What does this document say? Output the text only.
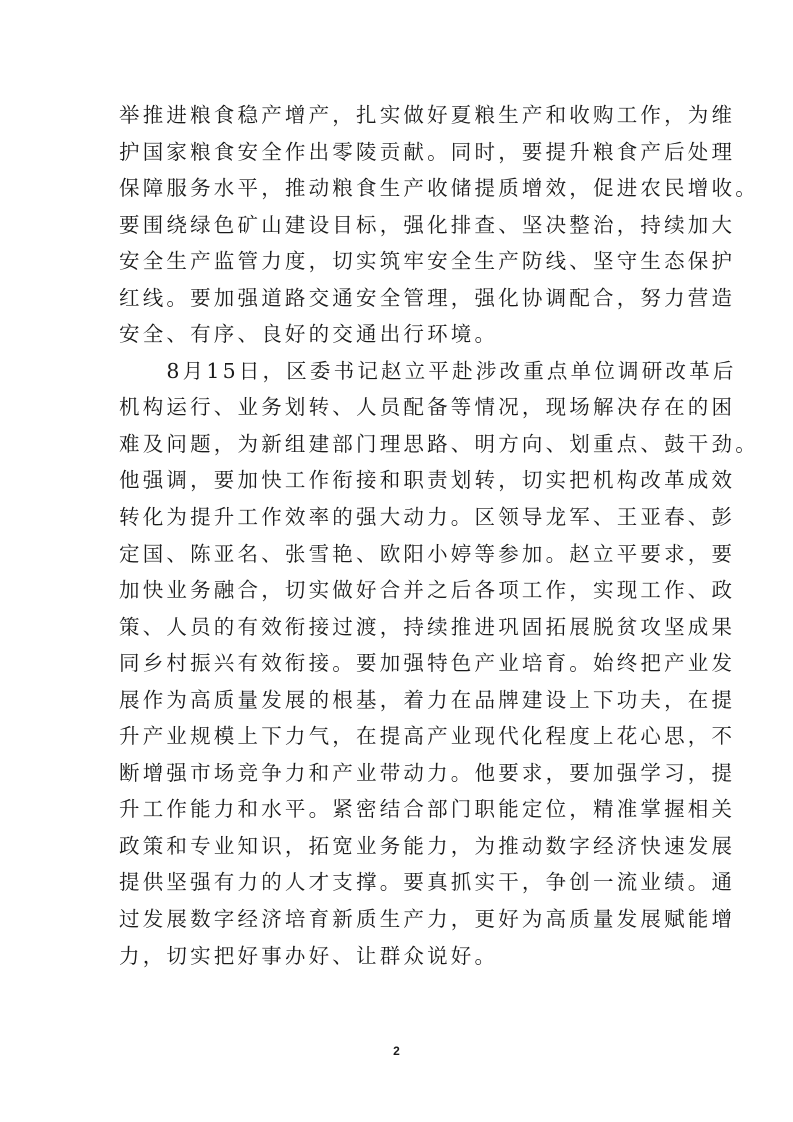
举推进粮食稳产增产，扎实做好夏粮生产和收购工作，为维
护国家粮食安全作出零陵贡献。同时，要提升粮食产后处理
保障服务水平，推动粮食生产收储提质增效，促进农民增收。
要围绕绿色矿山建设目标，强化排查、坚决整治，持续加大
安全生产监管力度，切实筑牢安全生产防线、坚守生态保护
红线。要加强道路交通安全管理，强化协调配合，努力营造
安全、有序、良好的交通出行环境。
　　8月15日，区委书记赵立平赴涉改重点单位调研改革后
机构运行、业务划转、人员配备等情况，现场解决存在的困
难及问题，为新组建部门理思路、明方向、划重点、鼓干劲。
他强调，要加快工作衔接和职责划转，切实把机构改革成效
转化为提升工作效率的强大动力。区领导龙军、王亚春、彭
定国、陈亚名、张雪艳、欧阳小婷等参加。赵立平要求，要
加快业务融合，切实做好合并之后各项工作，实现工作、政
策、人员的有效衔接过渡，持续推进巩固拓展脱贫攻坚成果
同乡村振兴有效衔接。要加强特色产业培育。始终把产业发
展作为高质量发展的根基，着力在品牌建设上下功夫，在提
升产业规模上下力气，在提高产业现代化程度上花心思，不
断增强市场竞争力和产业带动力。他要求，要加强学习，提
升工作能力和水平。紧密结合部门职能定位，精准掌握相关
政策和专业知识，拓宽业务能力，为推动数字经济快速发展
提供坚强有力的人才支撑。要真抓实干，争创一流业绩。通
过发展数字经济培育新质生产力，更好为高质量发展赋能增
力，切实把好事办好、让群众说好。
2
